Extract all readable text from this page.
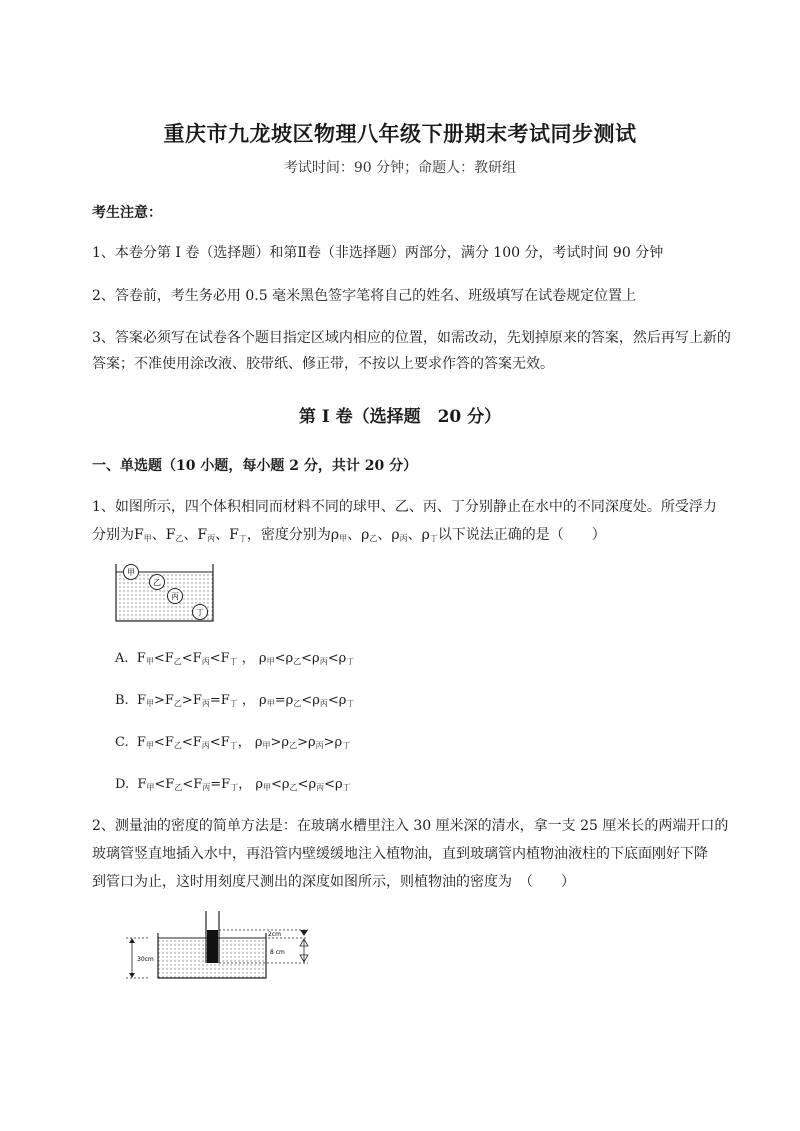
重庆市九龙坡区物理八年级下册期末考试同步测试
考试时间：90 分钟；命题人：教研组
考生注意：
1、本卷分第 I 卷（选择题）和第Ⅱ卷（非选择题）两部分，满分 100 分，考试时间 90 分钟
2、答卷前，考生务必用 0.5 毫米黑色签字笔将自己的姓名、班级填写在试卷规定位置上
3、答案必须写在试卷各个题目指定区域内相应的位置，如需改动，先划掉原来的答案，然后再写上新的答案；不准使用涂改液、胶带纸、修正带，不按以上要求作答的答案无效。
第 I 卷（选择题　20 分）
一、单选题（10 小题，每小题 2 分，共计 20 分）
1、如图所示，四个体积相同而材料不同的球甲、乙、丙、丁分别静止在水中的不同深度处。所受浮力
分别为$F_甲$、$F_乙$、$F_丙$、$F_丁$，密度分别为$\rho_甲$、$\rho_乙$、$\rho_丙$、$\rho_丁$以下说法正确的是（　　）
甲
乙
丙
丁
A.  $F_甲<F_乙<F_丙<F_丁$ ， $\rho_甲<\rho_乙<\rho_丙<\rho_丁$
B.  $F_甲>F_乙>F_丙=F_丁$ ， $\rho_甲=\rho_乙<\rho_丙<\rho_丁$
C.  $F_甲<F_乙<F_丙<F_丁$， $\rho_甲>\rho_乙>\rho_丙>\rho_丁$
D.  $F_甲<F_乙<F_丙=F_丁$， $\rho_甲<\rho_乙<\rho_丙<\rho_丁$
2、测量油的密度的简单方法是：在玻璃水槽里注入 30 厘米深的清水，拿一支 25 厘米长的两端开口的
玻璃管竖直地插入水中，再沿管内壁缓缓地注入植物油，直到玻璃管内植物油液柱的下底面刚好下降
到管口为止，这时用刻度尺测出的深度如图所示，则植物油的密度为　（　　）
30cm
2cm
8 cm
